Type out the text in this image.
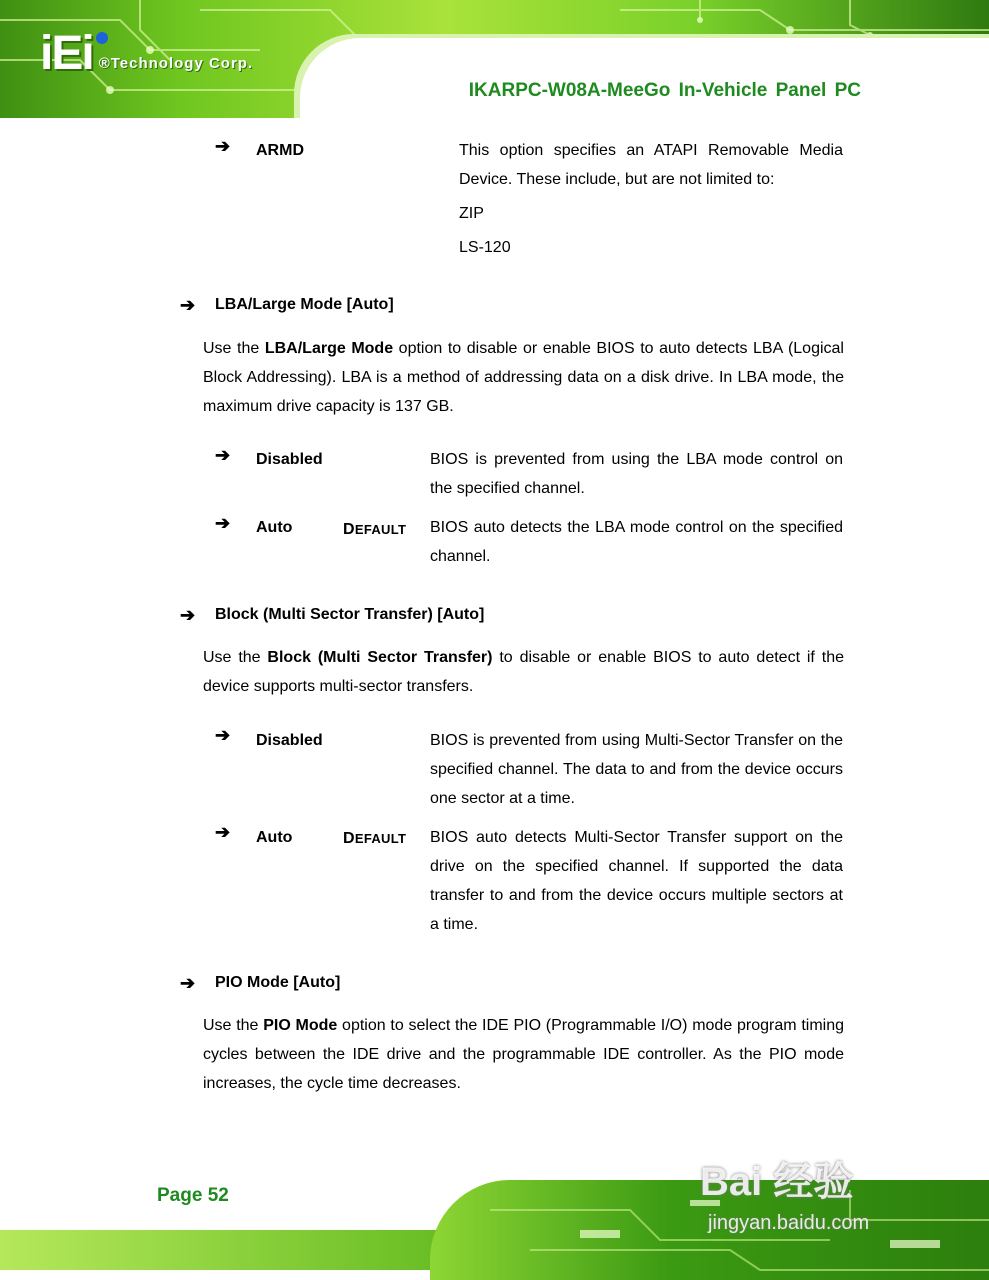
iEi ®Technology Corp.
IKARPC-W08A-MeeGo In-Vehicle Panel PC
➔ ARMD	This option specifies an ATAPI Removable Media Device. These include, but are not limited to:
ZIP
LS-120
➔ LBA/Large Mode [Auto]
Use the LBA/Large Mode option to disable or enable BIOS to auto detects LBA (Logical Block Addressing). LBA is a method of addressing data on a disk drive. In LBA mode, the maximum drive capacity is 137 GB.
➔ Disabled	BIOS is prevented from using the LBA mode control on the specified channel.
➔ Auto	DEFAULT BIOS auto detects the LBA mode control on the specified channel.
➔ Block (Multi Sector Transfer) [Auto]
Use the Block (Multi Sector Transfer) to disable or enable BIOS to auto detect if the device supports multi-sector transfers.
➔ Disabled	BIOS is prevented from using Multi-Sector Transfer on the specified channel. The data to and from the device occurs one sector at a time.
➔ Auto	DEFAULT BIOS auto detects Multi-Sector Transfer support on the drive on the specified channel. If supported the data transfer to and from the device occurs multiple sectors at a time.
➔ PIO Mode [Auto]
Use the PIO Mode option to select the IDE PIO (Programmable I/O) mode program timing cycles between the IDE drive and the programmable IDE controller. As the PIO mode increases, the cycle time decreases.
Page 52	Bai 经验
jingyan.baidu.com
